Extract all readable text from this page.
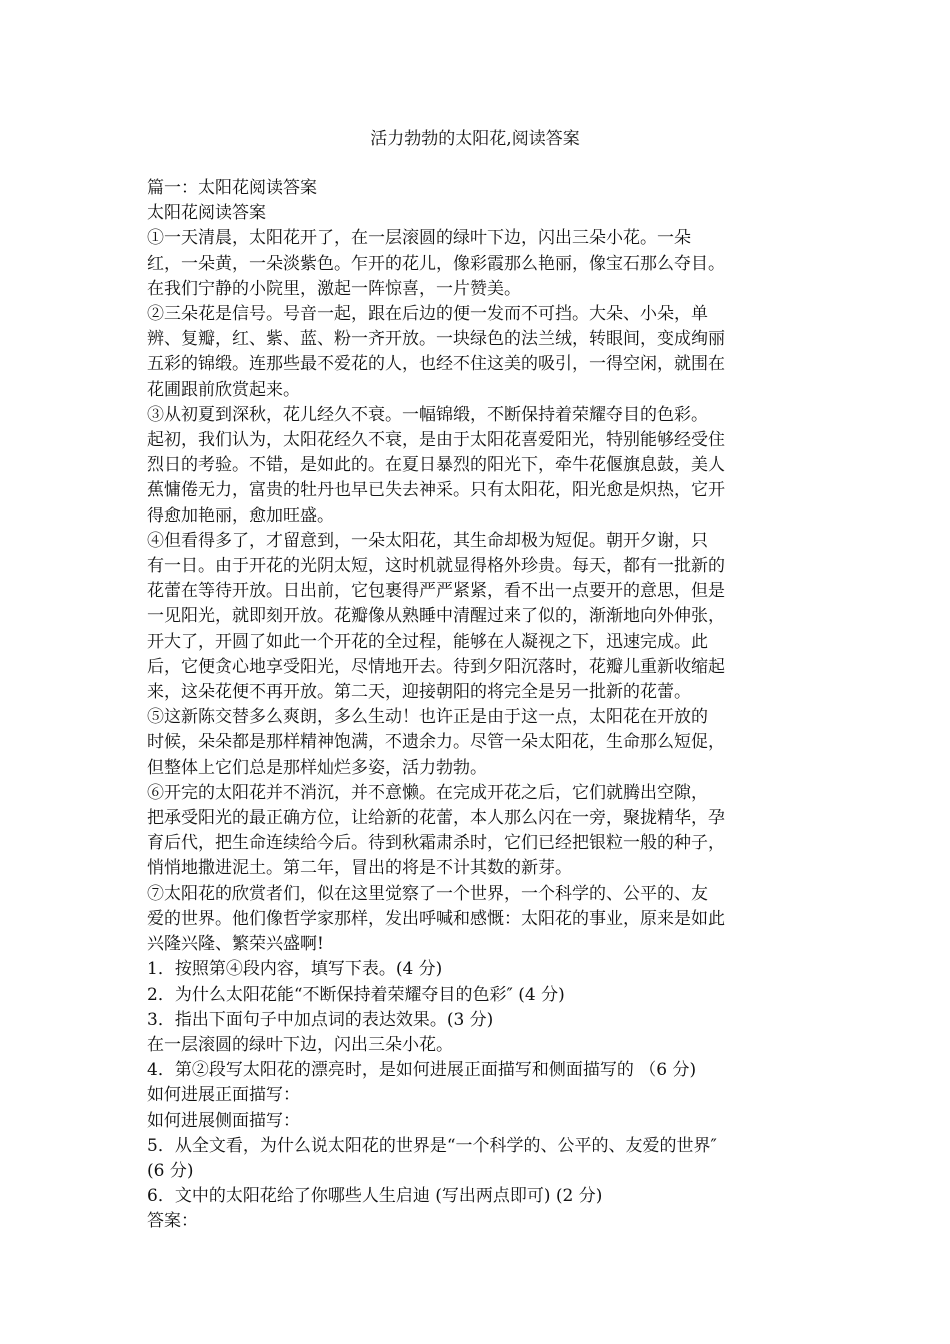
活力勃勃的太阳花,阅读答案
篇一：太阳花阅读答案
太阳花阅读答案
①一天清晨，太阳花开了，在一层滚圆的绿叶下边，闪出三朵小花。一朵
红，一朵黄，一朵淡紫色。乍开的花儿，像彩霞那么艳丽，像宝石那么夺目。
在我们宁静的小院里，激起一阵惊喜，一片赞美。
②三朵花是信号。号音一起，跟在后边的便一发而不可挡。大朵、小朵，单
辨、复瓣，红、紫、蓝、粉一齐开放。一块绿色的法兰绒，转眼间，变成绚丽
五彩的锦缎。连那些最不爱花的人，也经不住这美的吸引，一得空闲，就围在
花圃跟前欣赏起来。
③从初夏到深秋，花儿经久不衰。一幅锦缎，不断保持着荣耀夺目的色彩。
起初，我们认为，太阳花经久不衰，是由于太阳花喜爱阳光，特别能够经受住
烈日的考验。不错，是如此的。在夏日暴烈的阳光下，牵牛花偃旗息鼓，美人
蕉慵倦无力，富贵的牡丹也早已失去神采。只有太阳花，阳光愈是炽热，它开
得愈加艳丽，愈加旺盛。
④但看得多了，才留意到，一朵太阳花，其生命却极为短促。朝开夕谢，只
有一日。由于开花的光阴太短，这时机就显得格外珍贵。每天，都有一批新的
花蕾在等待开放。日出前，它包裹得严严紧紧，看不出一点要开的意思，但是
一见阳光，就即刻开放。花瓣像从熟睡中清醒过来了似的，渐渐地向外伸张，
开大了，开圆了如此一个开花的全过程，能够在人凝视之下，迅速完成。此
后，它便贪心地享受阳光，尽情地开去。待到夕阳沉落时，花瓣儿重新收缩起
来，这朵花便不再开放。第二天，迎接朝阳的将完全是另一批新的花蕾。
⑤这新陈交替多么爽朗，多么生动！也许正是由于这一点，太阳花在开放的
时候，朵朵都是那样精神饱满，不遗余力。尽管一朵太阳花，生命那么短促，
但整体上它们总是那样灿烂多姿，活力勃勃。
⑥开完的太阳花并不消沉，并不意懒。在完成开花之后，它们就腾出空隙，
把承受阳光的最正确方位，让给新的花蕾，本人那么闪在一旁，聚拢精华，孕
育后代，把生命连续给今后。待到秋霜肃杀时，它们已经把银粒一般的种子，
悄悄地撒进泥土。第二年，冒出的将是不计其数的新芽。
⑦太阳花的欣赏者们，似在这里觉察了一个世界，一个科学的、公平的、友
爱的世界。他们像哲学家那样，发出呼喊和感慨：太阳花的事业，原来是如此
兴隆兴隆、繁荣兴盛啊!
1．按照第④段内容，填写下表。(4 分)
2．为什么太阳花能“不断保持着荣耀夺目的色彩″ (4 分)
3．指出下面句子中加点词的表达效果。(3 分)
在一层滚圆的绿叶下边，闪出三朵小花。
4．第②段写太阳花的漂亮时，是如何进展正面描写和侧面描写的 （6 分)
如何进展正面描写：
如何进展侧面描写：
5．从全文看，为什么说太阳花的世界是“一个科学的、公平的、友爱的世界″
(6 分)
6．文中的太阳花给了你哪些人生启迪 (写出两点即可) (2 分)
答案：
